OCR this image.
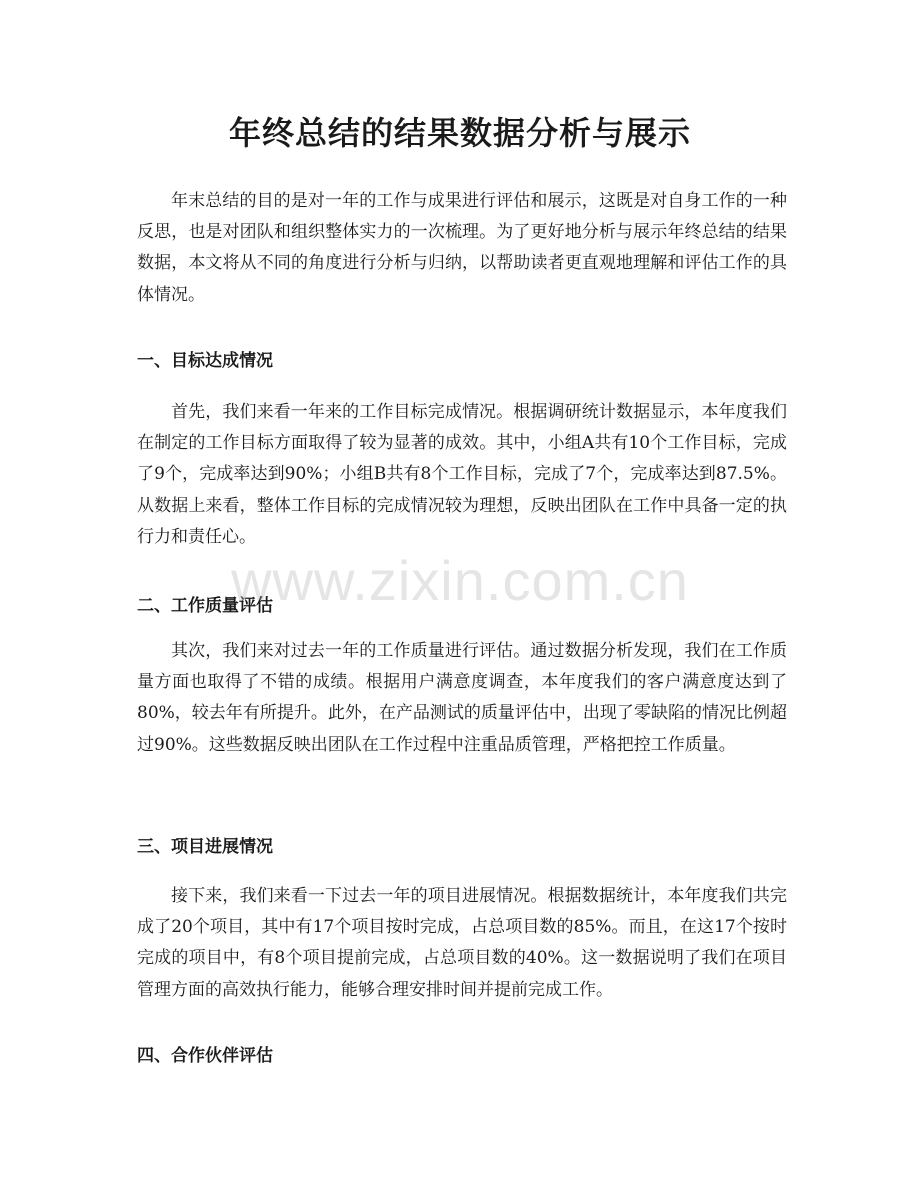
年终总结的结果数据分析与展示

年末总结的目的是对一年的工作与成果进行评估和展示，这既是对自身工作的一种反思，也是对团队和组织整体实力的一次梳理。为了更好地分析与展示年终总结的结果数据，本文将从不同的角度进行分析与归纳，以帮助读者更直观地理解和评估工作的具体情况。

一、目标达成情况

首先，我们来看一年来的工作目标完成情况。根据调研统计数据显示，本年度我们在制定的工作目标方面取得了较为显著的成效。其中，小组A共有10个工作目标，完成了9个，完成率达到90%；小组B共有8个工作目标，完成了7个，完成率达到87.5%。从数据上来看，整体工作目标的完成情况较为理想，反映出团队在工作中具备一定的执行力和责任心。

二、工作质量评估

其次，我们来对过去一年的工作质量进行评估。通过数据分析发现，我们在工作质量方面也取得了不错的成绩。根据用户满意度调查，本年度我们的客户满意度达到了80%，较去年有所提升。此外，在产品测试的质量评估中，出现了零缺陷的情况比例超过90%。这些数据反映出团队在工作过程中注重品质管理，严格把控工作质量。

三、项目进展情况

接下来，我们来看一下过去一年的项目进展情况。根据数据统计，本年度我们共完成了20个项目，其中有17个项目按时完成，占总项目数的85%。而且，在这17个按时完成的项目中，有8个项目提前完成，占总项目数的40%。这一数据说明了我们在项目管理方面的高效执行能力，能够合理安排时间并提前完成工作。

四、合作伙伴评估
www.zixin.com.cn
